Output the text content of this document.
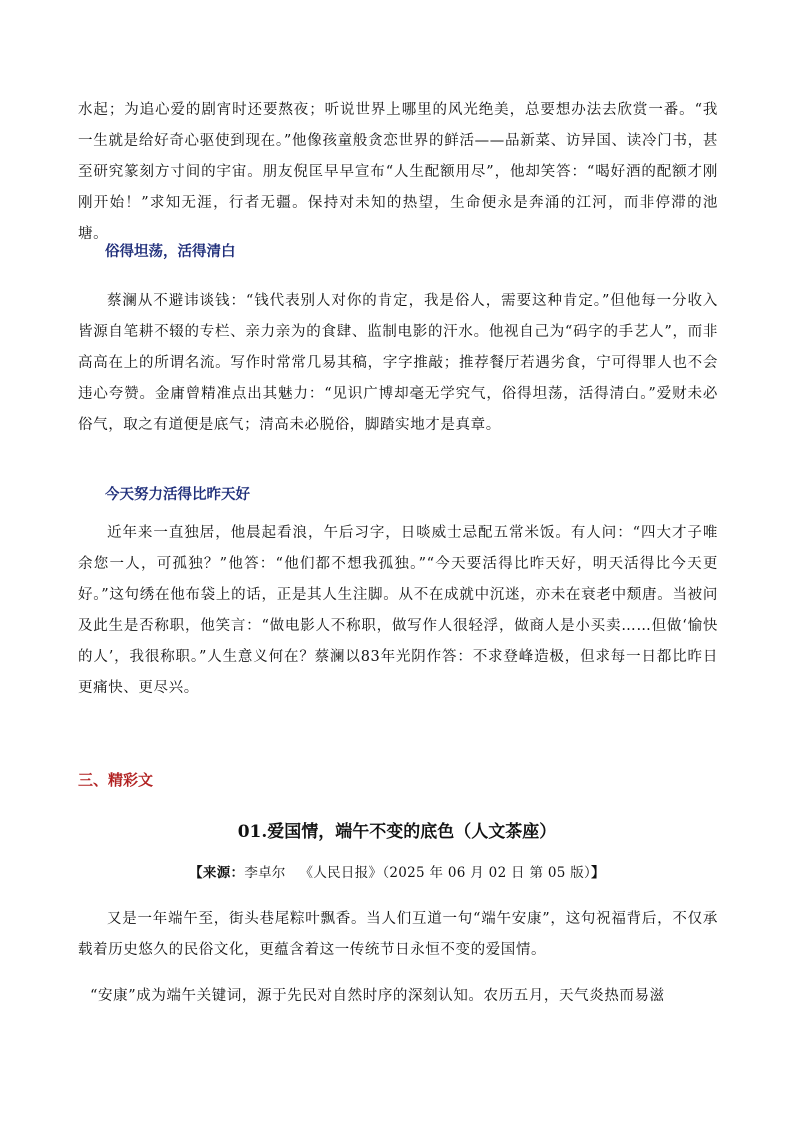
水起；为追心爱的剧宵时还要熬夜；听说世界上哪里的风光绝美，总要想办法去欣赏一番。“我一生就是给好奇心驱使到现在。”他像孩童般贪恋世界的鲜活——品新菜、访异国、读冷门书，甚至研究篆刻方寸间的宇宙。朋友倪匡早早宣布“人生配额用尽”，他却笑答：“喝好酒的配额才刚刚开始！”求知无涯，行者无疆。保持对未知的热望，生命便永是奔涌的江河，而非停滞的池塘。
俗得坦荡，活得清白
蔡澜从不避讳谈钱：“钱代表别人对你的肯定，我是俗人，需要这种肯定。”但他每一分收入皆源自笔耕不辍的专栏、亲力亲为的食肆、监制电影的汗水。他视自己为“码字的手艺人”，而非高高在上的所谓名流。写作时常常几易其稿，字字推敲；推荐餐厅若遇劣食，宁可得罪人也不会违心夸赞。金庸曾精准点出其魅力：“见识广博却毫无学究气，俗得坦荡，活得清白。”爱财未必俗气，取之有道便是底气；清高未必脱俗，脚踏实地才是真章。
今天努力活得比昨天好
近年来一直独居，他晨起看浪，午后习字，日啖威士忌配五常米饭。有人问：“四大才子唯余您一人，可孤独？”他答：“他们都不想我孤独。”“今天要活得比昨天好，明天活得比今天更好。”这句绣在他布袋上的话，正是其人生注脚。从不在成就中沉迷，亦未在衰老中颓唐。当被问及此生是否称职，他笑言：“做电影人不称职，做写作人很轻浮，做商人是小买卖……但做‘愉快的人’，我很称职。”人生意义何在？蔡澜以83年光阴作答：不求登峰造极，但求每一日都比昨日更痛快、更尽兴。
三、精彩文
01.爱国情，端午不变的底色（人文茶座）
【来源：李卓尔 《人民日报》（2025 年 06 月 02 日 第 05 版）】
又是一年端午至，街头巷尾粽叶飘香。当人们互道一句“端午安康”，这句祝福背后，不仅承载着历史悠久的民俗文化，更蕴含着这一传统节日永恒不变的爱国情。
“安康”成为端午关键词，源于先民对自然时序的深刻认知。农历五月，天气炎热而易滋
